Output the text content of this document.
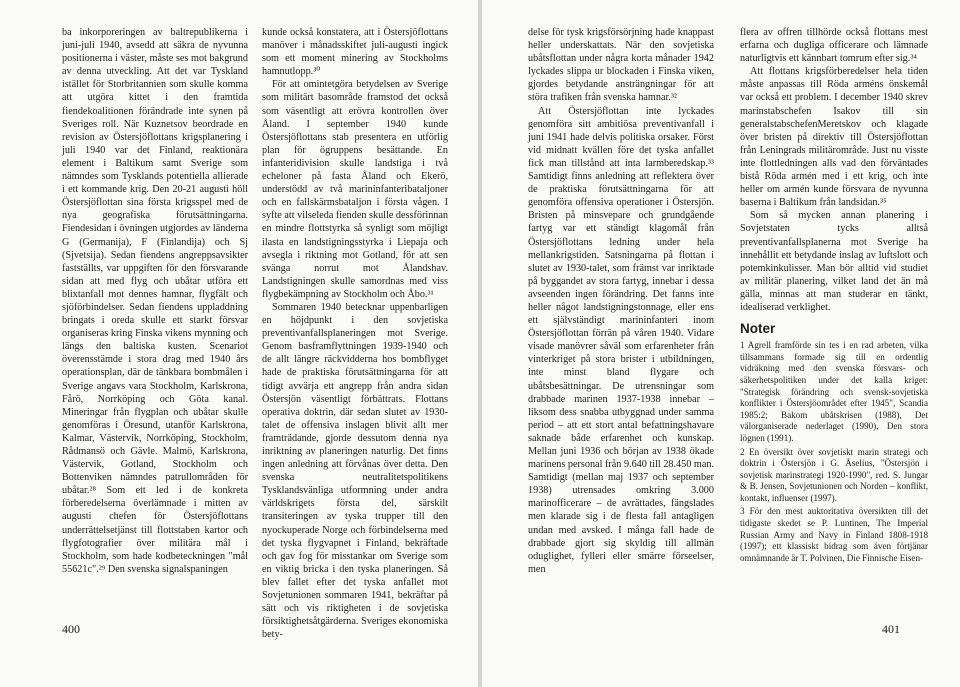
ba inkorporeringen av baltrepublikerna i juni-juli 1940, avsedd att säkra de nyvunna positionerna i väster, måste ses mot bakgrund av denna utveckling. Att det var Tyskland istället för Storbritannien som skulle komma att utgöra kittet i den framtida fiendekoalitionen förändrade inte synen på Sveriges roll. När Kuznetsov beordrade en revision av Östersjöflottans krigsplanering i juli 1940 var det Finland, reaktionära element i Baltikum samt Sverige som nämndes som Tysklands potentiella allierade i ett kommande krig. Den 20-21 augusti höll Östersjöflottan sina första krigsspel med de nya geografiska förutsättningarna. Fiendesidan i övningen utgjordes av länderna G (Germanija), F (Finlandija) och Sj (Sjvetsija). Sedan fiendens angreppsavsikter fastställts, var uppgiften för den försvarande sidan att med flyg och ubåtar utföra ett blixtanfall mot dennes hamnar, flygfält och sjöförbindelser. Sedan fiendens uppladdning bringats i oreda skulle ett starkt försvar organiseras kring Finska vikens mynning och längs den baltiska kusten. Scenariot överensstämde i stora drag med 1940 års operationsplan, där de tänkbara bombmålen i Sverige angavs vara Stockholm, Karlskrona, Fårö, Norrköping och Göta kanal. Mineringar från flygplan och ubåtar skulle genomföras i Öresund, utanför Karlskrona, Kalmar, Västervik, Norrköping, Stockholm, Rådmansö och Gävle. Malmö, Karlskrona, Västervik, Gotland, Stockholm och Bottenviken nämndes patrullområden för ubåtar.²⁸ Som ett led i de konkreta förberedelserna överlämnade i mitten av augusti chefen för Östersjöflottans underrättelsetjänst till flottstaben kartor och flygfotografier över militära mål i Stockholm, som hade kodbeteckningen "mål 55621c".²⁹ Den svenska signalspaningen

kunde också konstatera, att i Östersjöflottans manöver i månadsskiftet juli-augusti ingick som ett moment minering av Stockholms hamnutlopp.³⁰

För att omintetgöra betydelsen av Sverige som militärt basområde framstod det också som väsentligt att erövra kontrollen över Åland. I september 1940 kunde Östersjöflottans stab presentera en utförlig plan för ögruppens besättande. En infanteridivision skulle landstiga i två echeloner på fasta Åland och Ekerö, understödd av två marininfanteribataljoner och en fallskärmsbataljon i första vågen. I syfte att vilseleda fienden skulle dessförinnan en mindre flottstyrka så synligt som möjligt ilasta en landstigningsstyrka i Liepaja och avsegla i riktning mot Gotland, för att sen svänga norrut mot Ålandshav. Landstigningen skulle samordnas med viss flygbekämpning av Stockholm och Åbo.³¹

Sommaren 1940 betecknar uppenbarligen en höjdpunkt i den sovjetiska preventivanfallsplaneringen mot Sverige. Genom basframflyttningen 1939-1940 och de allt längre räckvidderna hos bombflyget hade de praktiska förutsättningarna för att tidigt avvärja ett angrepp från andra sidan Östersjön väsentligt förbättrats. Flottans operativa doktrin, där sedan slutet av 1930-talet de offensiva inslagen blivit allt mer framträdande, gjorde dessutom denna nya inriktning av planeringen naturlig. Det finns ingen anledning att förvånas över detta. Den svenska neutralitetspolitikens Tysklandsvänliga utformning under andra världskrigets första del, särskilt transiteringen av tyska trupper till den nyockuperade Norge och förbindelserna med det tyska flygvapnet i Finland, bekräftade och gav fog för misstankar om Sverige som en viktig bricka i den tyska planeringen. Så blev fallet efter det tyska anfallet mot Sovjetunionen sommaren 1941, bekräftar på sätt och vis riktigheten i de sovjetiska försiktighetsåtgärderna. Sveriges ekonomiska bety-

400

delse för tysk krigsförsörjning hade knappast heller underskattats. När den sovjetiska ubåtsflottan under några korta månader 1942 lyckades slippa ur blockaden i Finska viken, gjordes betydande ansträngningar för att störa trafiken från svenska hamnar.³²

Att Östersjöflottan inte lyckades genomföra sitt ambitiösa preventivanfall i juni 1941 hade delvis politiska orsaker. Först vid midnatt kvällen före det tyska anfallet fick man tillstånd att inta larmberedskap.³³ Samtidigt finns anledning att reflektera över de praktiska förutsättningarna för att genomföra offensiva operationer i Östersjön. Bristen på minsvepare och grundgående fartyg var ett ständigt klagomål från Östersjöflottans ledning under hela mellankrigstiden. Satsningarna på flottan i slutet av 1930-talet, som främst var inriktade på byggandet av stora fartyg, innebar i dessa avseenden ingen förändring. Det fanns inte heller något landstigningstonnage, eller ens ett självständigt marininfanteri inom Östersjöflottan förrän på våren 1940. Vidare visade manövrer såväl som erfarenheter från vinterkriget på stora brister i utbildningen, inte minst bland flygare och ubåtsbesättningar. De utrensningar som drabbade marinen 1937-1938 innebar – liksom dess snabba utbyggnad under samma period – att ett stort antal befattningshavare saknade både erfarenhet och kunskap. Mellan juni 1936 och början av 1938 ökade marinens personal från 9.640 till 28.450 man. Samtidigt (mellan maj 1937 och september 1938) utrensades omkring 3.000 marinofficerare – de avrättades, fängslades men klarade sig i de flesta fall antagligen undan med avsked. I många fall hade de drabbade gjort sig skyldig till allmän oduglighet, fylleri eller smärre förseelser, men

flera av offren tillhörde också flottans mest erfarna och dugliga officerare och lämnade naturligtvis ett kännbart tomrum efter sig.³⁴

Att flottans krigsförberedelser hela tiden måste anpassas till Röda arméns önskemål var också ett problem. I december 1940 skrev marinstabschefen Isakov till sin generalstabschefenMeretskov och klagade över bristen på direktiv till Östersjöflottan från Leningrads militärområde. Just nu visste inte flottledningen alls vad den förväntades bistå Röda armén med i ett krig, och inte heller om armén kunde försvara de nyvunna baserna i Baltikum från landsidan.³⁵

Som så mycken annan planering i Sovjetstaten tycks alltså preventivanfallsplanerna mot Sverige ha innehållit ett betydande inslag av luftslott och potemkinkulisser. Man bör alltid vid studiet av militär planering, vilket land det än må gälla, minnas att man studerar en tänkt, idealiserad verklighet.

Noter

1 Agrell framförde sin tes i en rad arbeten, vilka tillsammans formade sig till en ordentlig vidräkning med den svenska försvars- och säkerhetspolitiken under det kalla kriget: "Strategisk förändring och svensk-sovjetiska konflikter i Östersjöområdet efter 1945", Scandia 1985:2; Bakom ubåtskrisen (1988), Det välorganiserade nederlaget (1990), Den stora lögnen (1991).

2 En översikt över sovjetiskt marin strategi och doktrin i Östersjön i G. Åselius, "Östersjön i sovjetisk marinstrategi 1920-1990", red. S. Jungar & B. Jensen, Sovjetunionen och Norden – konflikt, kontakt, influenser (1997).

3 För den mest auktoritativa översikten till det tidigaste skedet se P. Luntinen, The Imperial Russian Army and Navy in Finland 1808-1918 (1997); ett klassiskt bidrag som även förtjänar omnämnande är T. Polvinen, Die Finnische Eisen-

401
